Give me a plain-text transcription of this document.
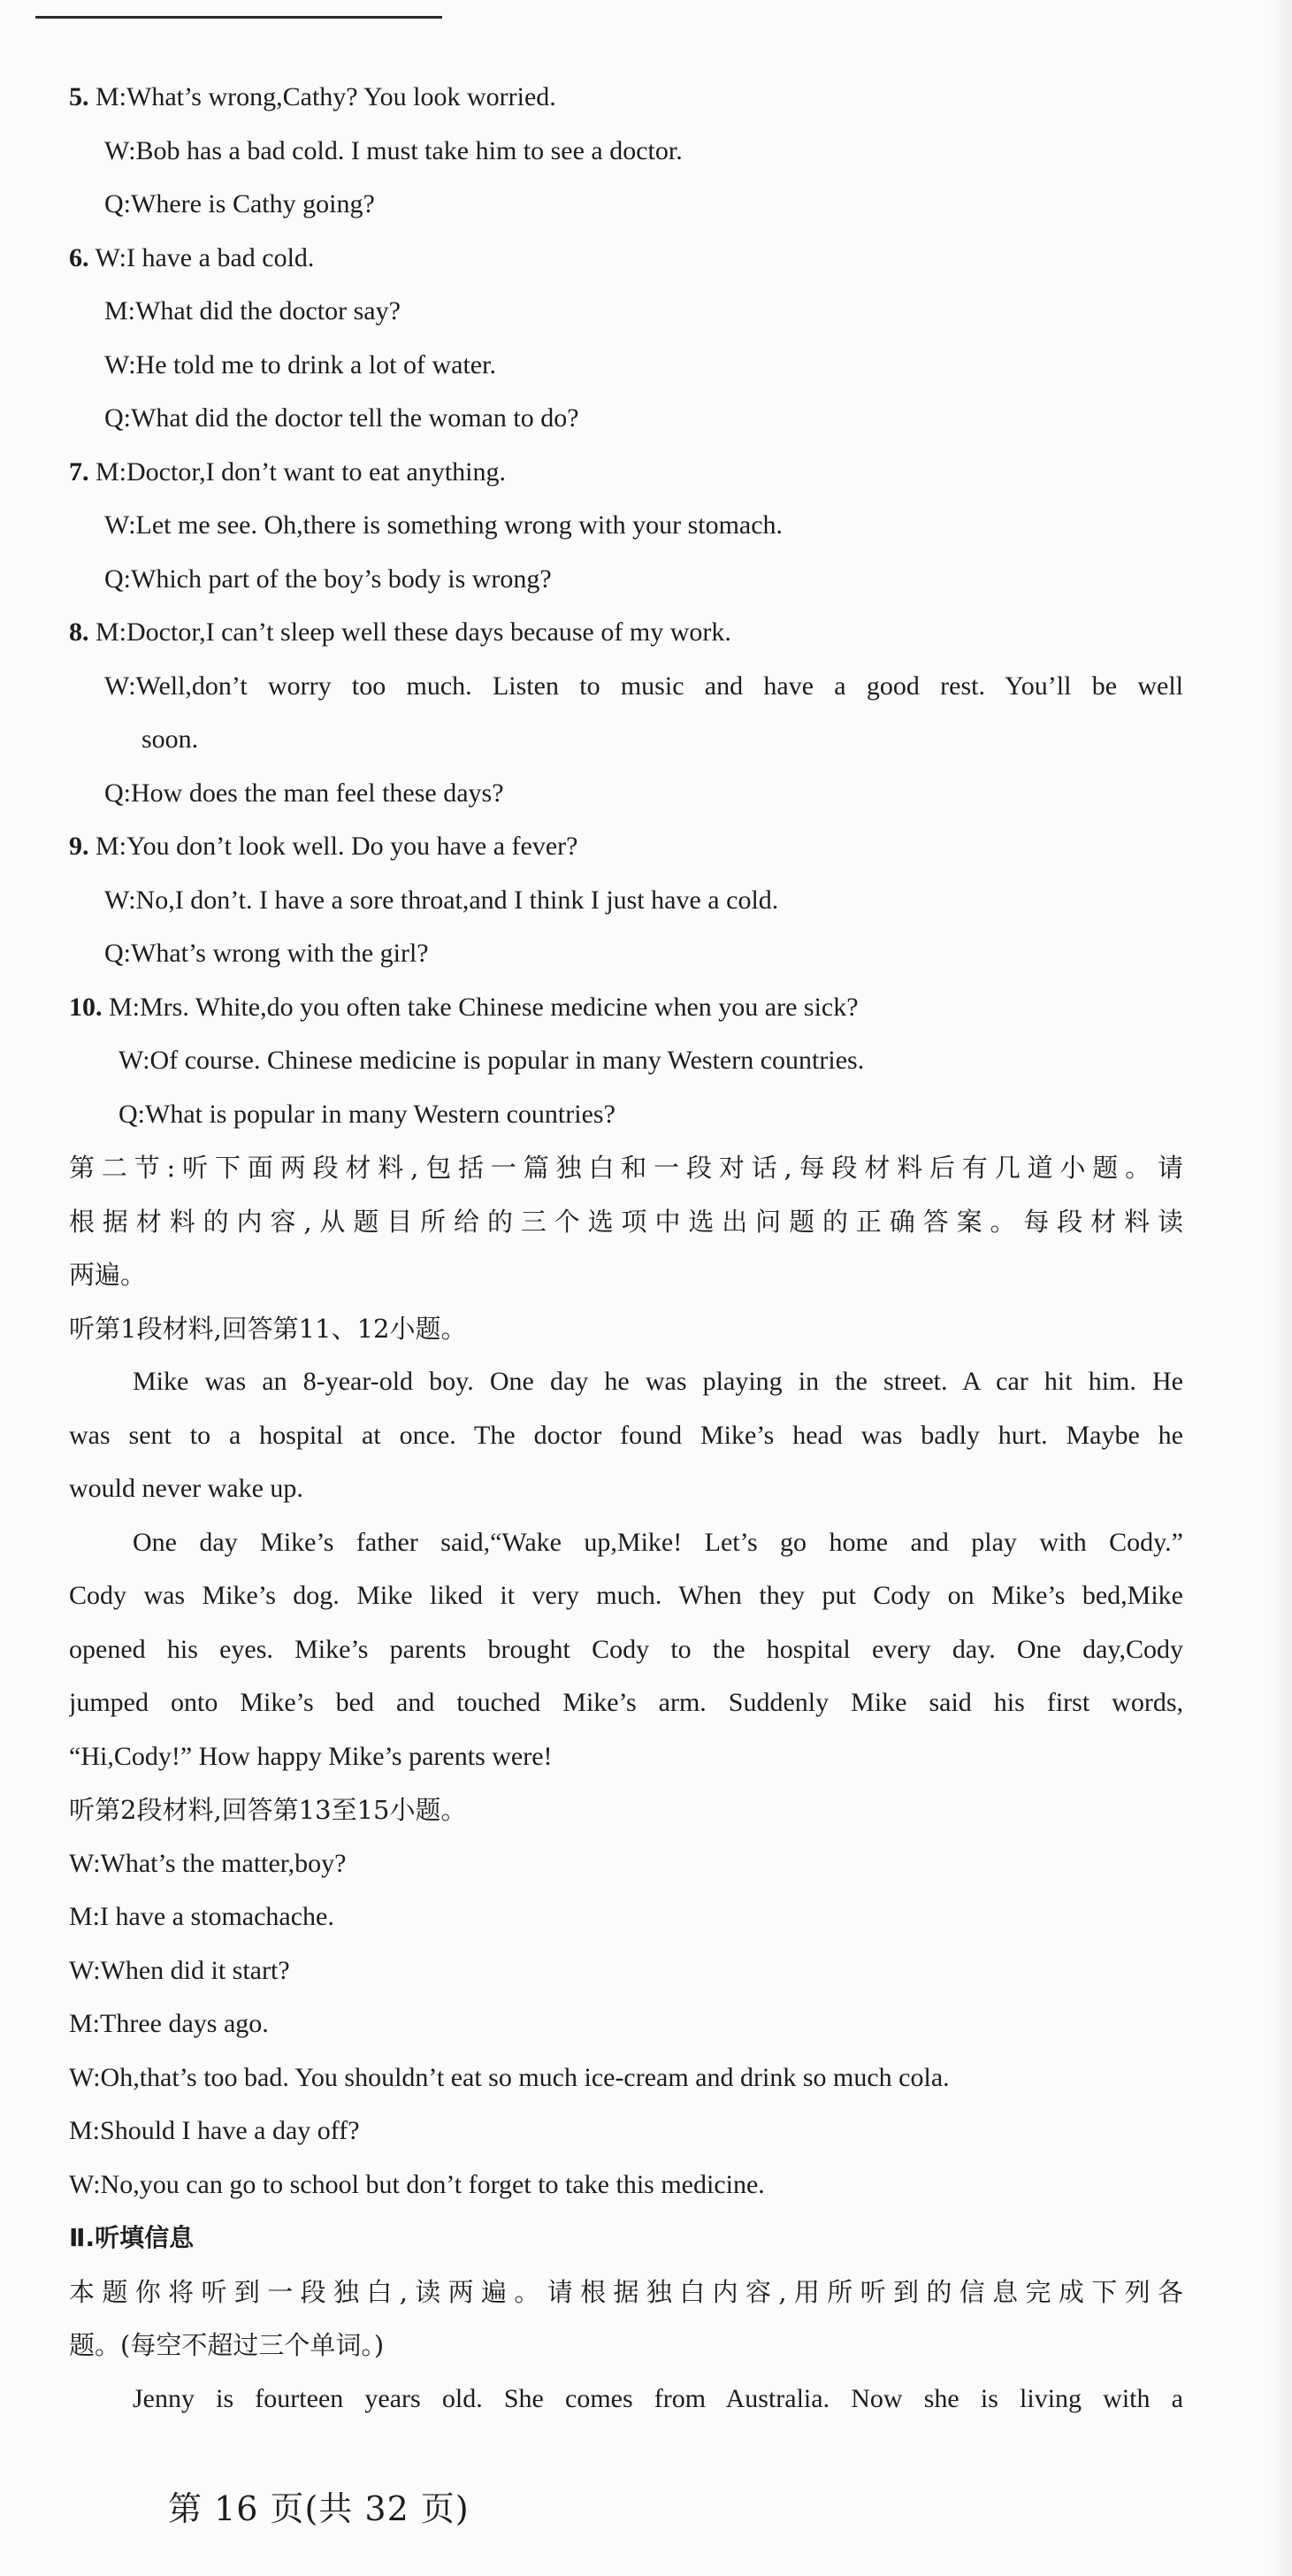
5. M:What’s wrong,Cathy? You look worried.
W:Bob has a bad cold. I must take him to see a doctor.
Q:Where is Cathy going?
6. W:I have a bad cold.
M:What did the doctor say?
W:He told me to drink a lot of water.
Q:What did the doctor tell the woman to do?
7. M:Doctor,I don’t want to eat anything.
W:Let me see. Oh,there is something wrong with your stomach.
Q:Which part of the boy’s body is wrong?
8. M:Doctor,I can’t sleep well these days because of my work.
W:Well,don’t worry too much. Listen to music and have a good rest. You’ll be well
soon.
Q:How does the man feel these days?
9. M:You don’t look well. Do you have a fever?
W:No,I don’t. I have a sore throat,and I think I just have a cold.
Q:What’s wrong with the girl?
10. M:Mrs. White,do you often take Chinese medicine when you are sick?
W:Of course. Chinese medicine is popular in many Western countries.
Q:What is popular in many Western countries?
第二节:听下面两段材料,包括一篇独白和一段对话,每段材料后有几道小题。请
根据材料的内容,从题目所给的三个选项中选出问题的正确答案。每段材料读
两遍。
听第1段材料,回答第11、12小题。
Mike was an 8-year-old boy. One day he was playing in the street. A car hit him. He
was sent to a hospital at once. The doctor found Mike’s head was badly hurt. Maybe he
would never wake up.
One day Mike’s father said,“Wake up,Mike! Let’s go home and play with Cody.”
Cody was Mike’s dog. Mike liked it very much. When they put Cody on Mike’s bed,Mike
opened his eyes. Mike’s parents brought Cody to the hospital every day. One day,Cody
jumped onto Mike’s bed and touched Mike’s arm. Suddenly Mike said his first words,
“Hi,Cody!” How happy Mike’s parents were!
听第2段材料,回答第13至15小题。
W:What’s the matter,boy?
M:I have a stomachache.
W:When did it start?
M:Three days ago.
W:Oh,that’s too bad. You shouldn’t eat so much ice-cream and drink so much cola.
M:Should I have a day off?
W:No,you can go to school but don’t forget to take this medicine.
Ⅱ.听填信息
本题你将听到一段独白,读两遍。请根据独白内容,用所听到的信息完成下列各
题。(每空不超过三个单词。)
Jenny is fourteen years old. She comes from Australia. Now she is living with a
第 16 页(共 32 页)
